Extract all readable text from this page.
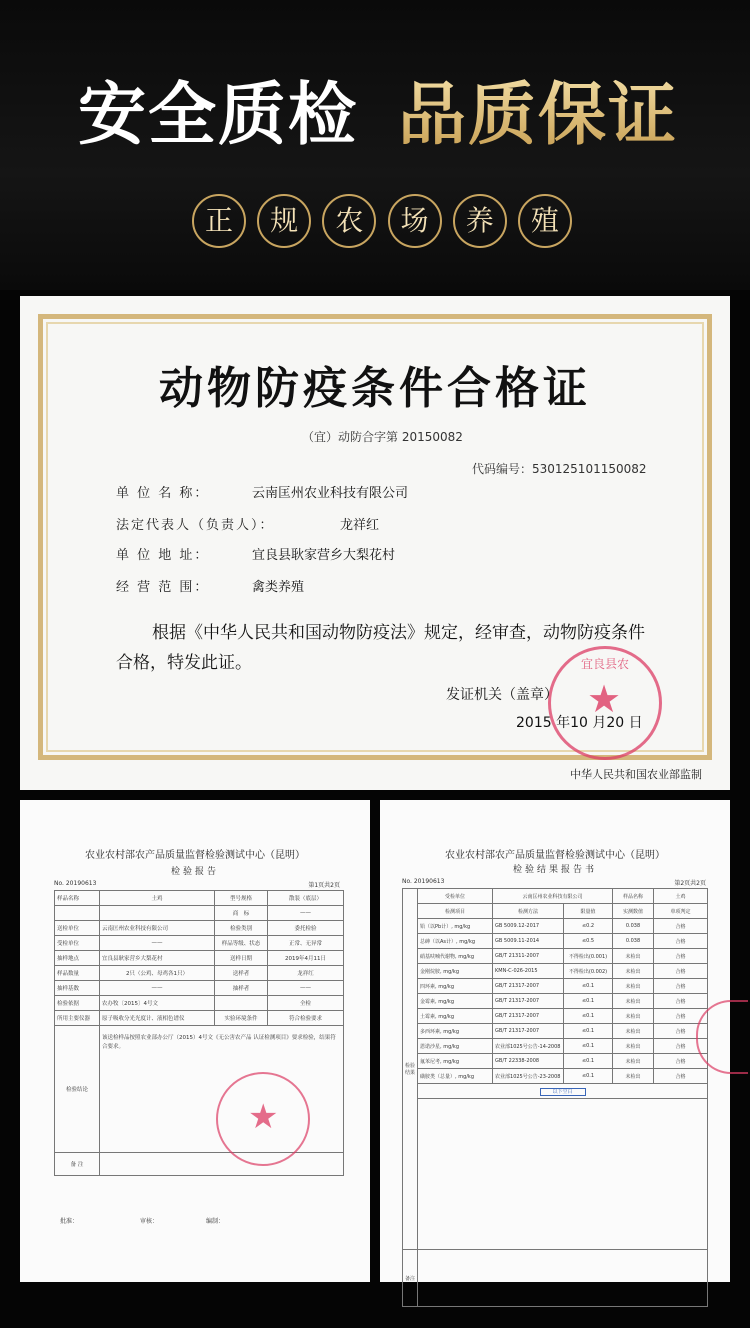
安全质检 品质保证
正	规	农	场	养	殖
动物防疫条件合格证
（宜）动防合字第 20150082
代码编号：530125101150082
单 位 名 称：	云南匡州农业科技有限公司
法定代表人（负责人）：	龙祥红
单 位 地 址：	宜良县耿家营乡大梨花村
经 营 范 围：	禽类养殖
根据《中华人民共和国动物防疫法》规定，经审查，动物防疫条件合格，特发此证。	宜良县农
★
发证机关（盖章）
2015 年10 月20 日
中华人民共和国农业部监制
农业农村部农产品质量监督检验测试中心（昆明）
检验报告
No. 20190613	第1页共2页
样品名称	土鸡	型号规格	散装（底层）
		商　标	——
送检单位	云南匡州农业科技有限公司	检验类别	委托检验
受检单位	——	样品等级、状态	正常、无异常
抽样地点	宜良县耿家营乡大梨花村	送样日期	2019年4月11日
样品数量	2只（公鸡、母鸡各1只）	送样者	龙祥红
抽样基数	——	抽样者	——
检验依据	农办牧〔2015〕4号文		全检
所用主要仪器	原子吸收分光光度计、液相色谱仪	实验环境条件	符合检验要求
检验结论	该送检样品按照农业部办公厅（2015）4号文《无公害农产品 认证检测项目》要求检验，结果符合要求。		
备 注			
★
批准：	审核：	编制：
农业农村部农产品质量监督检验测试中心（昆明）
检验结果报告书
No. 20190613	第2页共2页
检验结果	受检单位	云南匡州农业科技有限公司		样品名称	土鸡
	检测项目	检测方法	限量值	实测数值	单项判定
	铅（以Pb计）, mg/kg	GB 5009.12-2017	≤0.2	0.038	合格
	总砷（以As计）, mg/kg	GB 5009.11-2014	≤0.5	0.038	合格
	硝基呋喃代谢物, mg/kg	GB/T 21311-2007	不得检出(0.001)	未检出	合格
	金刚烷胺, mg/kg	KMN-C-026-2015	不得检出(0.002)	未检出	合格
	四环素, mg/kg	GB/T 21317-2007	≤0.1	未检出	合格
	金霉素, mg/kg	GB/T 21317-2007	≤0.1	未检出	合格
	土霉素, mg/kg	GB/T 21317-2007	≤0.1	未检出	合格
	多西环素, mg/kg	GB/T 21317-2007	≤0.1	未检出	合格
	恩诺沙星, mg/kg	农业部1025号公告-14-2008	≤0.1	未检出	合格
	氟苯尼考, mg/kg	GB/T 22338-2008	≤0.1	未检出	合格
	磺胺类（总量）, mg/kg	农业部1025号公告-23-2008	≤0.1	未检出	合格
	以下空白				

备注					
